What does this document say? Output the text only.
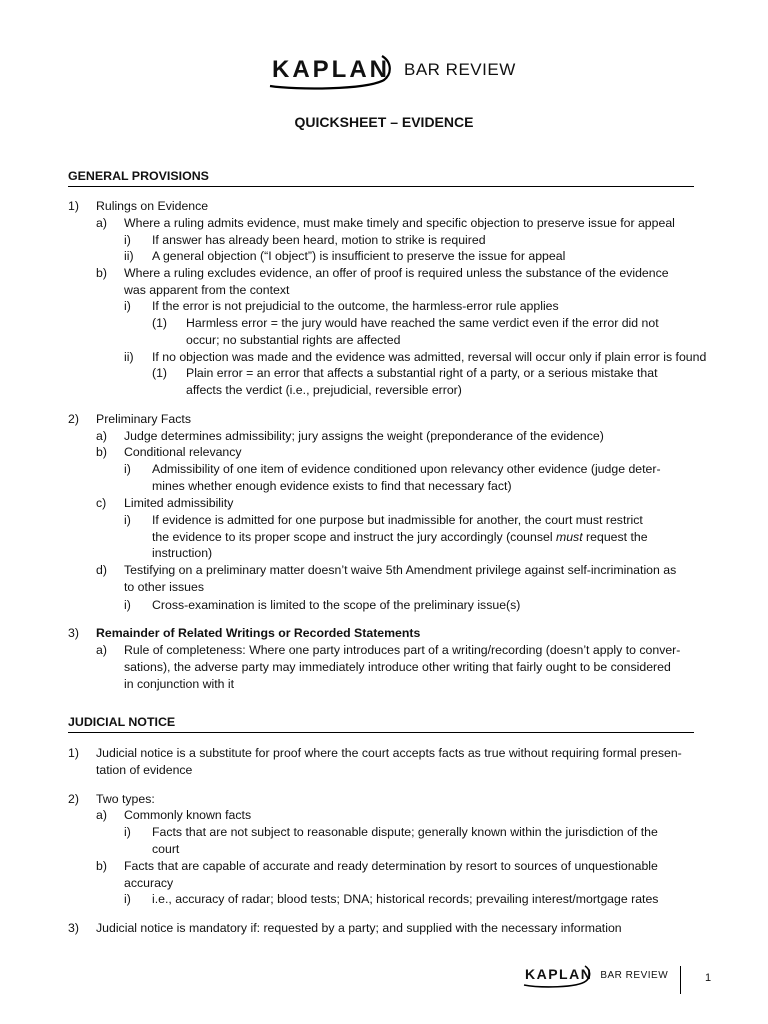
KAPLAN BAR REVIEW
QUICKSHEET – EVIDENCE
GENERAL PROVISIONS
JUDICIAL NOTICE
1) Rulings on Evidence
a) Where a ruling admits evidence, must make timely and specific objection to preserve issue for appeal
i) If answer has already been heard, motion to strike is required
ii) A general objection (“I object”) is insufficient to preserve the issue for appeal
b) Where a ruling excludes evidence, an offer of proof is required unless the substance of the evidence
was apparent from the context
i) If the error is not prejudicial to the outcome, the harmless-error rule applies
(1) Harmless error = the jury would have reached the same verdict even if the error did not
occur; no substantial rights are affected
ii) If no objection was made and the evidence was admitted, reversal will occur only if plain error is found
(1) Plain error = an error that affects a substantial right of a party, or a serious mistake that
affects the verdict (i.e., prejudicial, reversible error)
2) Preliminary Facts
a) Judge determines admissibility; jury assigns the weight (preponderance of the evidence)
b) Conditional relevancy
i) Admissibility of one item of evidence conditioned upon relevancy other evidence (judge deter-
mines whether enough evidence exists to find that necessary fact)
c) Limited admissibility
i) If evidence is admitted for one purpose but inadmissible for another, the court must restrict
the evidence to its proper scope and instruct the jury accordingly (counsel must request the
instruction)
d) Testifying on a preliminary matter doesn’t waive 5th Amendment privilege against self-incrimination as
to other issues
i) Cross-examination is limited to the scope of the preliminary issue(s)
3) Remainder of Related Writings or Recorded Statements
a) Rule of completeness: Where one party introduces part of a writing/recording (doesn’t apply to conver-
sations), the adverse party may immediately introduce other writing that fairly ought to be considered
in conjunction with it
1) Judicial notice is a substitute for proof where the court accepts facts as true without requiring formal presen-
tation of evidence
2) Two types:
a) Commonly known facts
i) Facts that are not subject to reasonable dispute; generally known within the jurisdiction of the
court
b) Facts that are capable of accurate and ready determination by resort to sources of unquestionable
accuracy
i) i.e., accuracy of radar; blood tests; DNA; historical records; prevailing interest/mortgage rates
3) Judicial notice is mandatory if: requested by a party; and supplied with the necessary information
KAPLAN BAR REVIEW	1
